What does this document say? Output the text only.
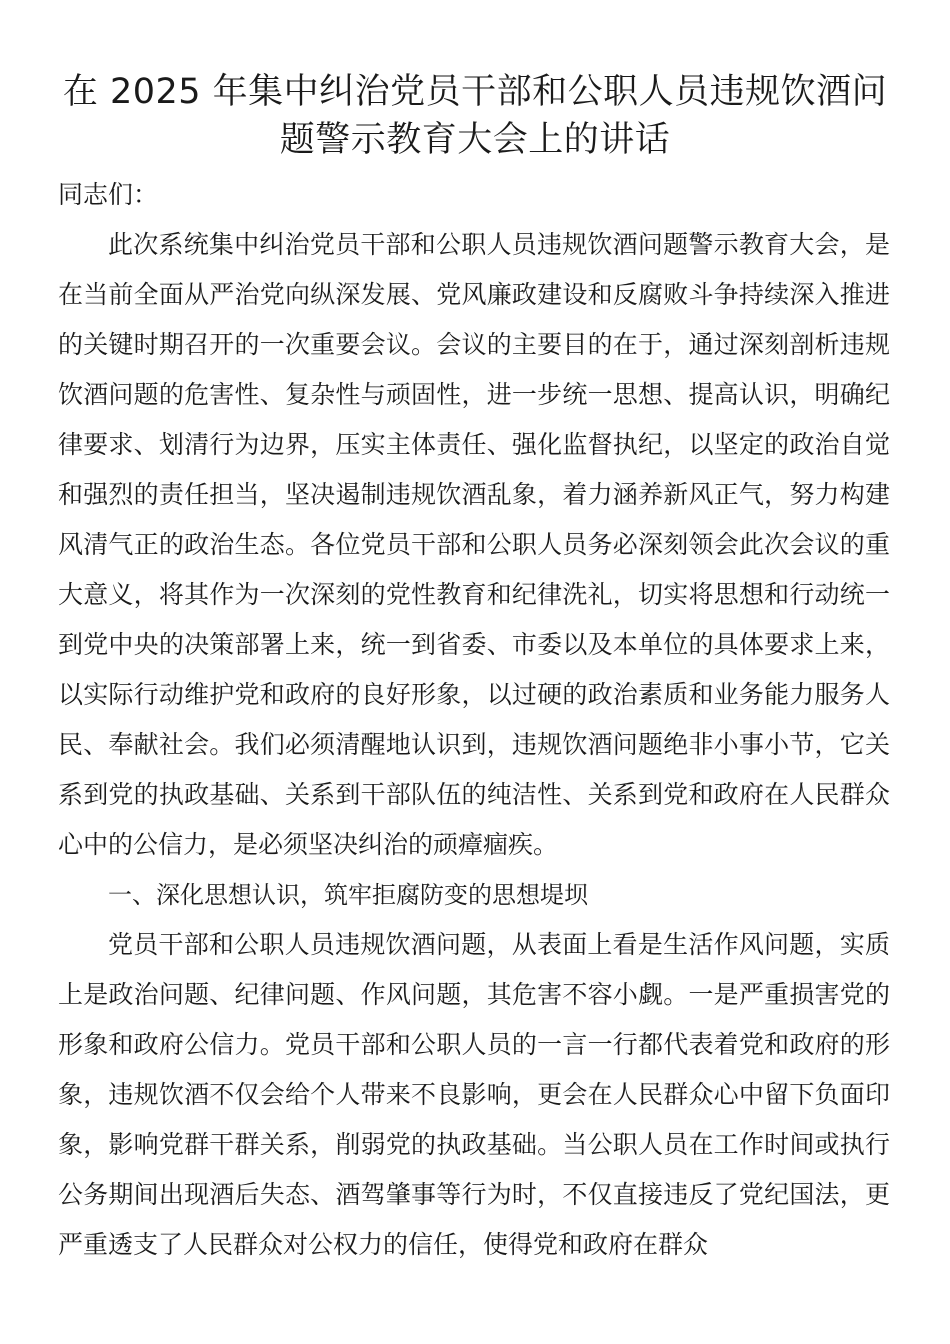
在 2025 年集中纠治党员干部和公职人员违规饮酒问题警示教育大会上的讲话

同志们：

此次系统集中纠治党员干部和公职人员违规饮酒问题警示教育大会，是在当前全面从严治党向纵深发展、党风廉政建设和反腐败斗争持续深入推进的关键时期召开的一次重要会议。会议的主要目的在于，通过深刻剖析违规饮酒问题的危害性、复杂性与顽固性，进一步统一思想、提高认识，明确纪律要求、划清行为边界，压实主体责任、强化监督执纪，以坚定的政治自觉和强烈的责任担当，坚决遏制违规饮酒乱象，着力涵养新风正气，努力构建风清气正的政治生态。各位党员干部和公职人员务必深刻领会此次会议的重大意义，将其作为一次深刻的党性教育和纪律洗礼，切实将思想和行动统一到党中央的决策部署上来，统一到省委、市委以及本单位的具体要求上来，以实际行动维护党和政府的良好形象，以过硬的政治素质和业务能力服务人民、奉献社会。我们必须清醒地认识到，违规饮酒问题绝非小事小节，它关系到党的执政基础、关系到干部队伍的纯洁性、关系到党和政府在人民群众心中的公信力，是必须坚决纠治的顽瘴痼疾。

一、深化思想认识，筑牢拒腐防变的思想堤坝

党员干部和公职人员违规饮酒问题，从表面上看是生活作风问题，实质上是政治问题、纪律问题、作风问题，其危害不容小觑。一是严重损害党的形象和政府公信力。党员干部和公职人员的一言一行都代表着党和政府的形象，违规饮酒不仅会给个人带来不良影响，更会在人民群众心中留下负面印象，影响党群干群关系，削弱党的执政基础。当公职人员在工作时间或执行公务期间出现酒后失态、酒驾肇事等行为时，不仅直接违反了党纪国法，更严重透支了人民群众对公权力的信任，使得党和政府在群众
